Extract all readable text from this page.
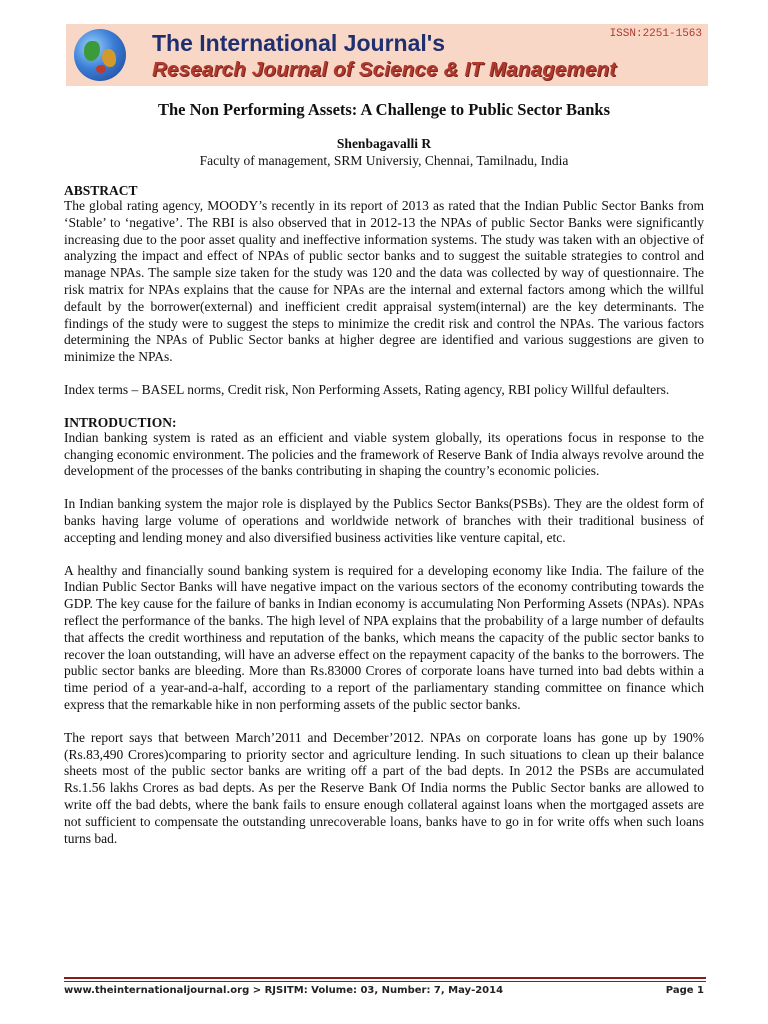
The International Journal's
Research Journal of Science & IT Management
ISSN:2251-1563

The Non Performing Assets: A Challenge to Public Sector Banks

Shenbagavalli R

Faculty of management, SRM Universiy, Chennai, Tamilnadu, India

ABSTRACT

The global rating agency, MOODY’s recently in its report of 2013 as rated that the Indian Public Sector Banks from ‘Stable’ to ‘negative’. The RBI is also observed that in 2012-13 the NPAs of public Sector Banks were significantly increasing due to the poor asset quality and ineffective information systems. The study was taken with an objective of analyzing the impact and effect of NPAs of public sector banks and to suggest the suitable strategies to control and manage NPAs. The sample size taken for the study was 120 and the data was collected by way of questionnaire. The risk matrix for NPAs explains that the cause for NPAs are the internal and external factors among which the willful default by the borrower(external) and inefficient credit appraisal system(internal) are the key determinants. The findings of the study were to suggest the steps to minimize the credit risk and control the NPAs. The various factors determining the NPAs of Public Sector banks at higher degree are identified and various suggestions are given to minimize the NPAs.

Index terms – BASEL norms, Credit risk, Non Performing Assets, Rating agency, RBI policy Willful defaulters.

INTRODUCTION:

Indian banking system is rated as an efficient and viable system globally, its operations focus in response to the changing economic environment. The policies and the framework of Reserve Bank of India always revolve around the development of the processes of the banks contributing in shaping the country’s economic policies.

In Indian banking system the major role is displayed by the Publics Sector Banks(PSBs). They are the oldest form of banks having large volume of operations and worldwide network of branches with their traditional business of accepting and lending money and also diversified business activities like venture capital, etc.

A healthy and financially sound banking system is required for a developing economy like India. The failure of the Indian Public Sector Banks will have negative impact on the various sectors of the economy contributing towards the GDP. The key cause for the failure of banks in Indian economy is accumulating Non Performing Assets (NPAs). NPAs reflect the performance of the banks. The high level of NPA explains that the probability of a large number of defaults that affects the credit worthiness and reputation of the banks, which means the capacity of the public sector banks to recover the loan outstanding, will have an adverse effect on the repayment capacity of the banks to the borrowers. The public sector banks are bleeding. More than Rs.83000 Crores of corporate loans have turned into bad debts within a time period of a year-and-a-half, according to a report of the parliamentary standing committee on finance which express that the remarkable hike in non performing assets of the public sector banks.

The report says that between March’2011 and December’2012. NPAs on corporate loans has gone up by 190% (Rs.83,490 Crores)comparing to priority sector and agriculture lending. In such situations to clean up their balance sheets most of the public sector banks are writing off a part of the bad depts. In 2012 the PSBs are accumulated Rs.1.56 lakhs Crores as bad depts. As per the Reserve Bank Of India norms the Public Sector banks are allowed to write off the bad debts, where the bank fails to ensure enough collateral against loans when the mortgaged assets are not sufficient to compensate the outstanding unrecoverable loans, banks have to go in for write offs when such loans turns bad.

www.theinternationaljournal.org > RJSITM: Volume: 03, Number: 7, May-2014	Page 1
